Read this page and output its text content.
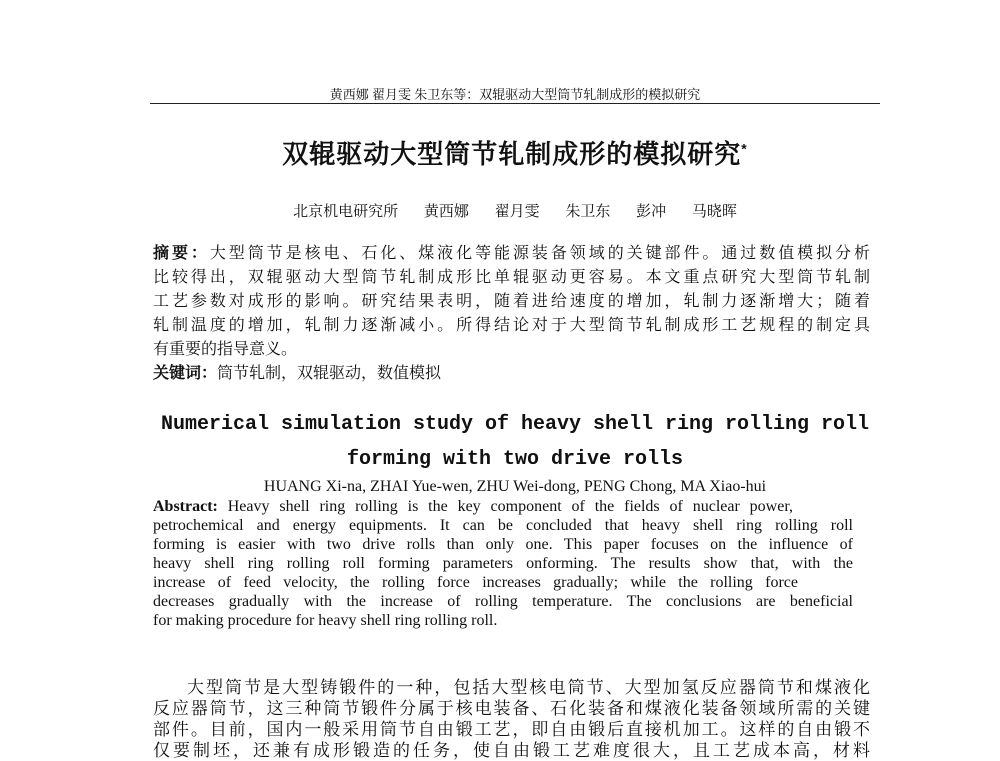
黄西娜 翟月雯 朱卫东等：双辊驱动大型筒节轧制成形的模拟研究
双辊驱动大型筒节轧制成形的模拟研究*
北京机电研究所 黄西娜 翟月雯 朱卫东 彭冲 马晓晖
摘要：大型筒节是核电、石化、煤液化等能源装备领域的关键部件。通过数值模拟分析
比较得出，双辊驱动大型筒节轧制成形比单辊驱动更容易。本文重点研究大型筒节轧制
工艺参数对成形的影响。研究结果表明，随着进给速度的增加，轧制力逐渐增大；随着
轧制温度的增加，轧制力逐渐减小。所得结论对于大型筒节轧制成形工艺规程的制定具
有重要的指导意义。
关键词：筒节轧制，双辊驱动，数值模拟
Numerical simulation study of heavy shell ring rolling roll
forming with two drive rolls
HUANG Xi-na, ZHAI Yue-wen, ZHU Wei-dong, PENG Chong, MA Xiao-hui
Abstract: Heavy shell ring rolling is the key component of the fields of nuclear power,
petrochemical and energy equipments. It can be concluded that heavy shell ring rolling roll
forming is easier with two drive rolls than only one. This paper focuses on the influence of
heavy shell ring rolling roll forming parameters onforming. The results show that, with the
increase of feed velocity, the rolling force increases gradually; while the rolling force
decreases gradually with the increase of rolling temperature. The conclusions are beneficial
for making procedure for heavy shell ring rolling roll.
大型筒节是大型铸锻件的一种，包括大型核电筒节、大型加氢反应器筒节和煤液化
反应器筒节，这三种筒节锻件分属于核电装备、石化装备和煤液化装备领域所需的关键
部件。目前，国内一般采用筒节自由锻工艺，即自由锻后直接机加工。这样的自由锻不
仅要制坯，还兼有成形锻造的任务，使自由锻工艺难度很大，且工艺成本高，材料
